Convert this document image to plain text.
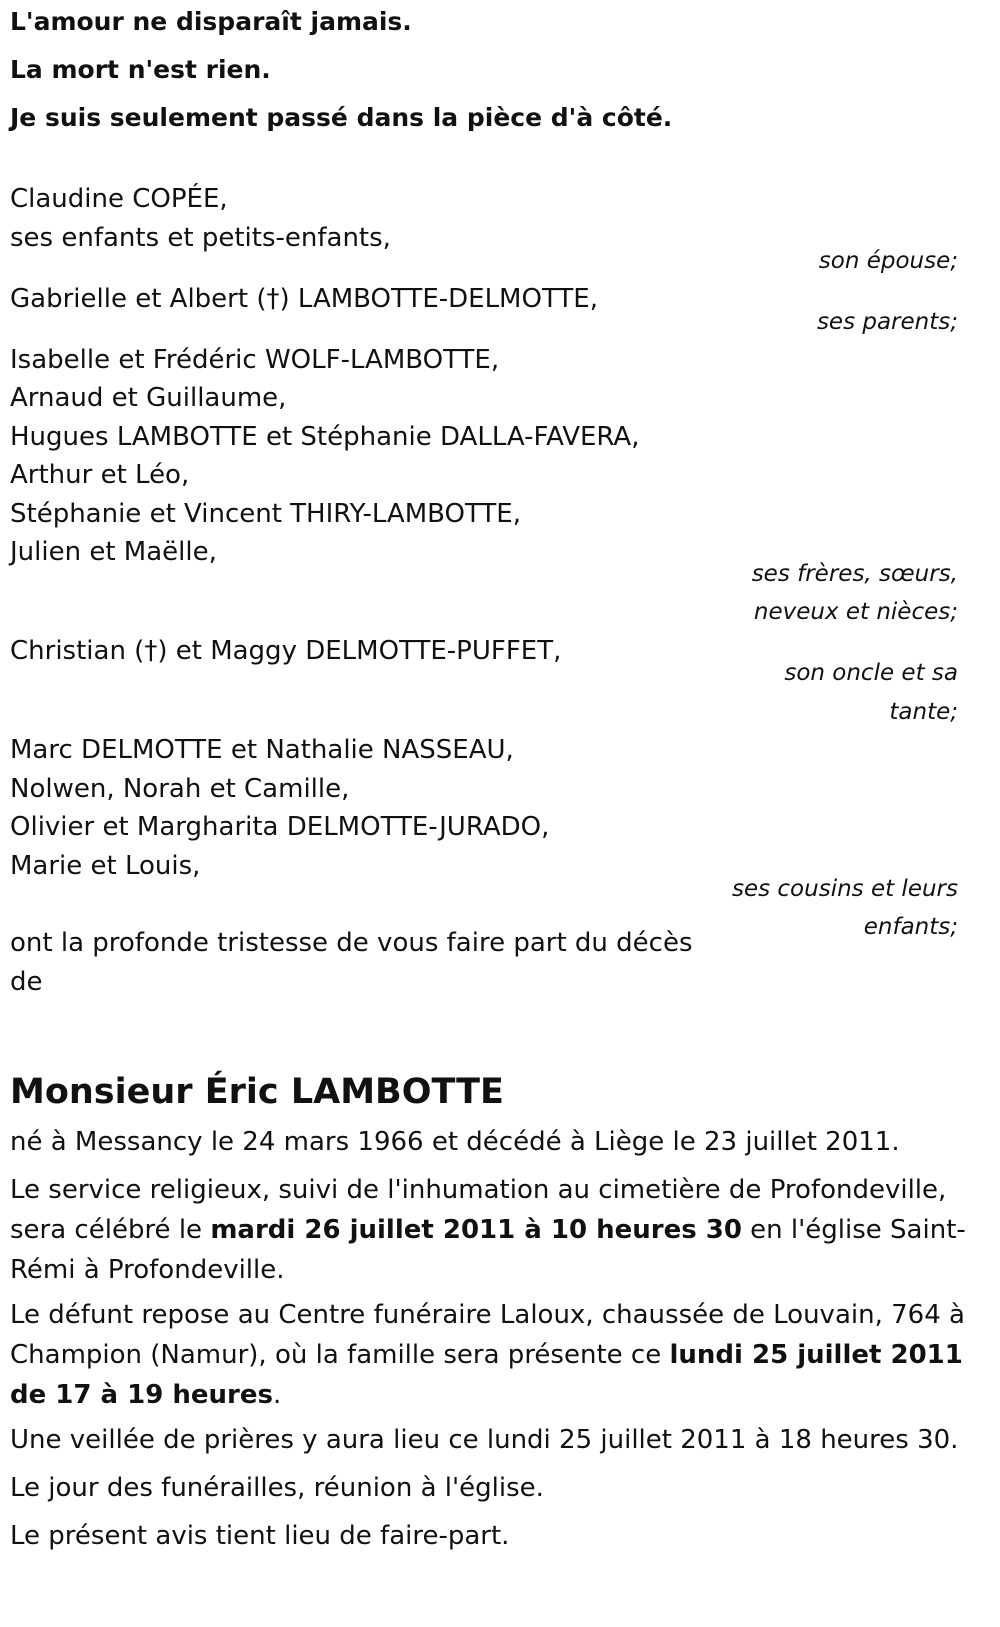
L'amour ne disparaît jamais.
La mort n'est rien.
Je suis seulement passé dans la pièce d'à côté.
Claudine COPÉE,
ses enfants et petits-enfants,
son épouse;
Gabrielle et Albert (†) LAMBOTTE-DELMOTTE,
ses parents;
Isabelle et Frédéric WOLF-LAMBOTTE,
Arnaud et Guillaume,
Hugues LAMBOTTE et Stéphanie DALLA-FAVERA,
Arthur et Léo,
Stéphanie et Vincent THIRY-LAMBOTTE,
Julien et Maëlle,
ses frères, sœurs,
neveux et nièces;
Christian (†) et Maggy DELMOTTE-PUFFET,
son oncle et sa
tante;
Marc DELMOTTE et Nathalie NASSEAU,
Nolwen, Norah et Camille,
Olivier et Margharita DELMOTTE-JURADO,
Marie et Louis,
ses cousins et leurs
enfants;
ont la profonde tristesse de vous faire part du décès
de
Monsieur Éric LAMBOTTE
né à Messancy le 24 mars 1966 et décédé à Liège le 23 juillet 2011.
Le service religieux, suivi de l'inhumation au cimetière de Profondeville, sera célébré le mardi 26 juillet 2011 à 10 heures 30 en l'église Saint-Rémi à Profondeville.
Le défunt repose au Centre funéraire Laloux, chaussée de Louvain, 764 à Champion (Namur), où la famille sera présente ce lundi 25 juillet 2011 de 17 à 19 heures.
Une veillée de prières y aura lieu ce lundi 25 juillet 2011 à 18 heures 30.
Le jour des funérailles, réunion à l'église.
Le présent avis tient lieu de faire-part.
